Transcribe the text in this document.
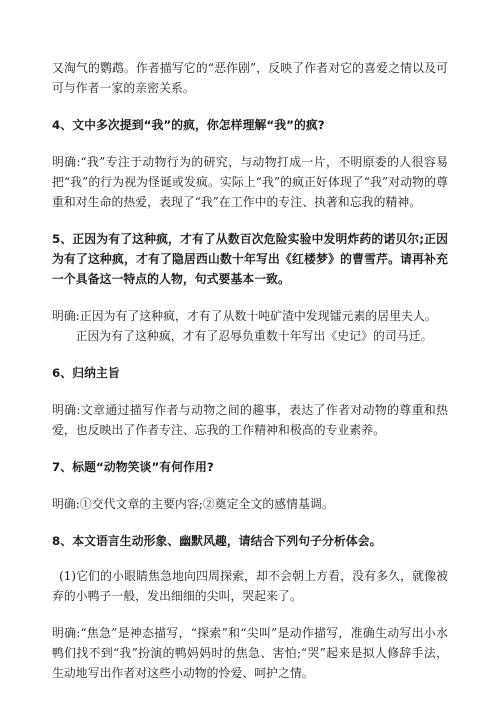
又淘气的鹦鹉。作者描写它的“恶作剧”，反映了作者对它的喜爱之情以及可可与作者一家的亲密关系。

4、文中多次提到“我”的疯，你怎样理解“我”的疯?

明确:“我”专注于动物行为的研究，与动物打成一片，不明原委的人很容易把“我”的行为视为怪诞或发疯。实际上“我”的疯正好体现了“我”对动物的尊重和对生命的热爱，表现了“我”在工作中的专注、执著和忘我的精神。

5、正因为有了这种疯，才有了从数百次危险实验中发明炸药的诺贝尔;正因为有了这种疯，才有了隐居西山数十年写出《红楼梦》的曹雪芹。请再补充一个具备这一特点的人物，句式要基本一致。

明确:正因为有了这种疯，才有了从数十吨矿渣中发现镭元素的居里夫人。

正因为有了这种疯，才有了忍辱负重数十年写出《史记》的司马迁。

6、归纳主旨

明确:文章通过描写作者与动物之间的趣事，表达了作者对动物的尊重和热爱，也反映出了作者专注、忘我的工作精神和极高的专业素养。

7、标题“动物笑谈”有何作用?

明确:①交代文章的主要内容;②奠定全文的感情基调。

8、本文语言生动形象、幽默风趣，请结合下列句子分析体会。

(1)它们的小眼睛焦急地向四周探索，却不会朝上方看，没有多久，就像被弃的小鸭子一般，发出细细的尖叫，哭起来了。

明确:“焦急”是神态描写，“探索”和“尖叫”是动作描写，准确生动写出小水鸭们找不到“我”扮演的鸭妈妈时的焦急、害怕;“哭”起来是拟人修辞手法，生动地写出作者对这些小动物的怜爱、呵护之情。
